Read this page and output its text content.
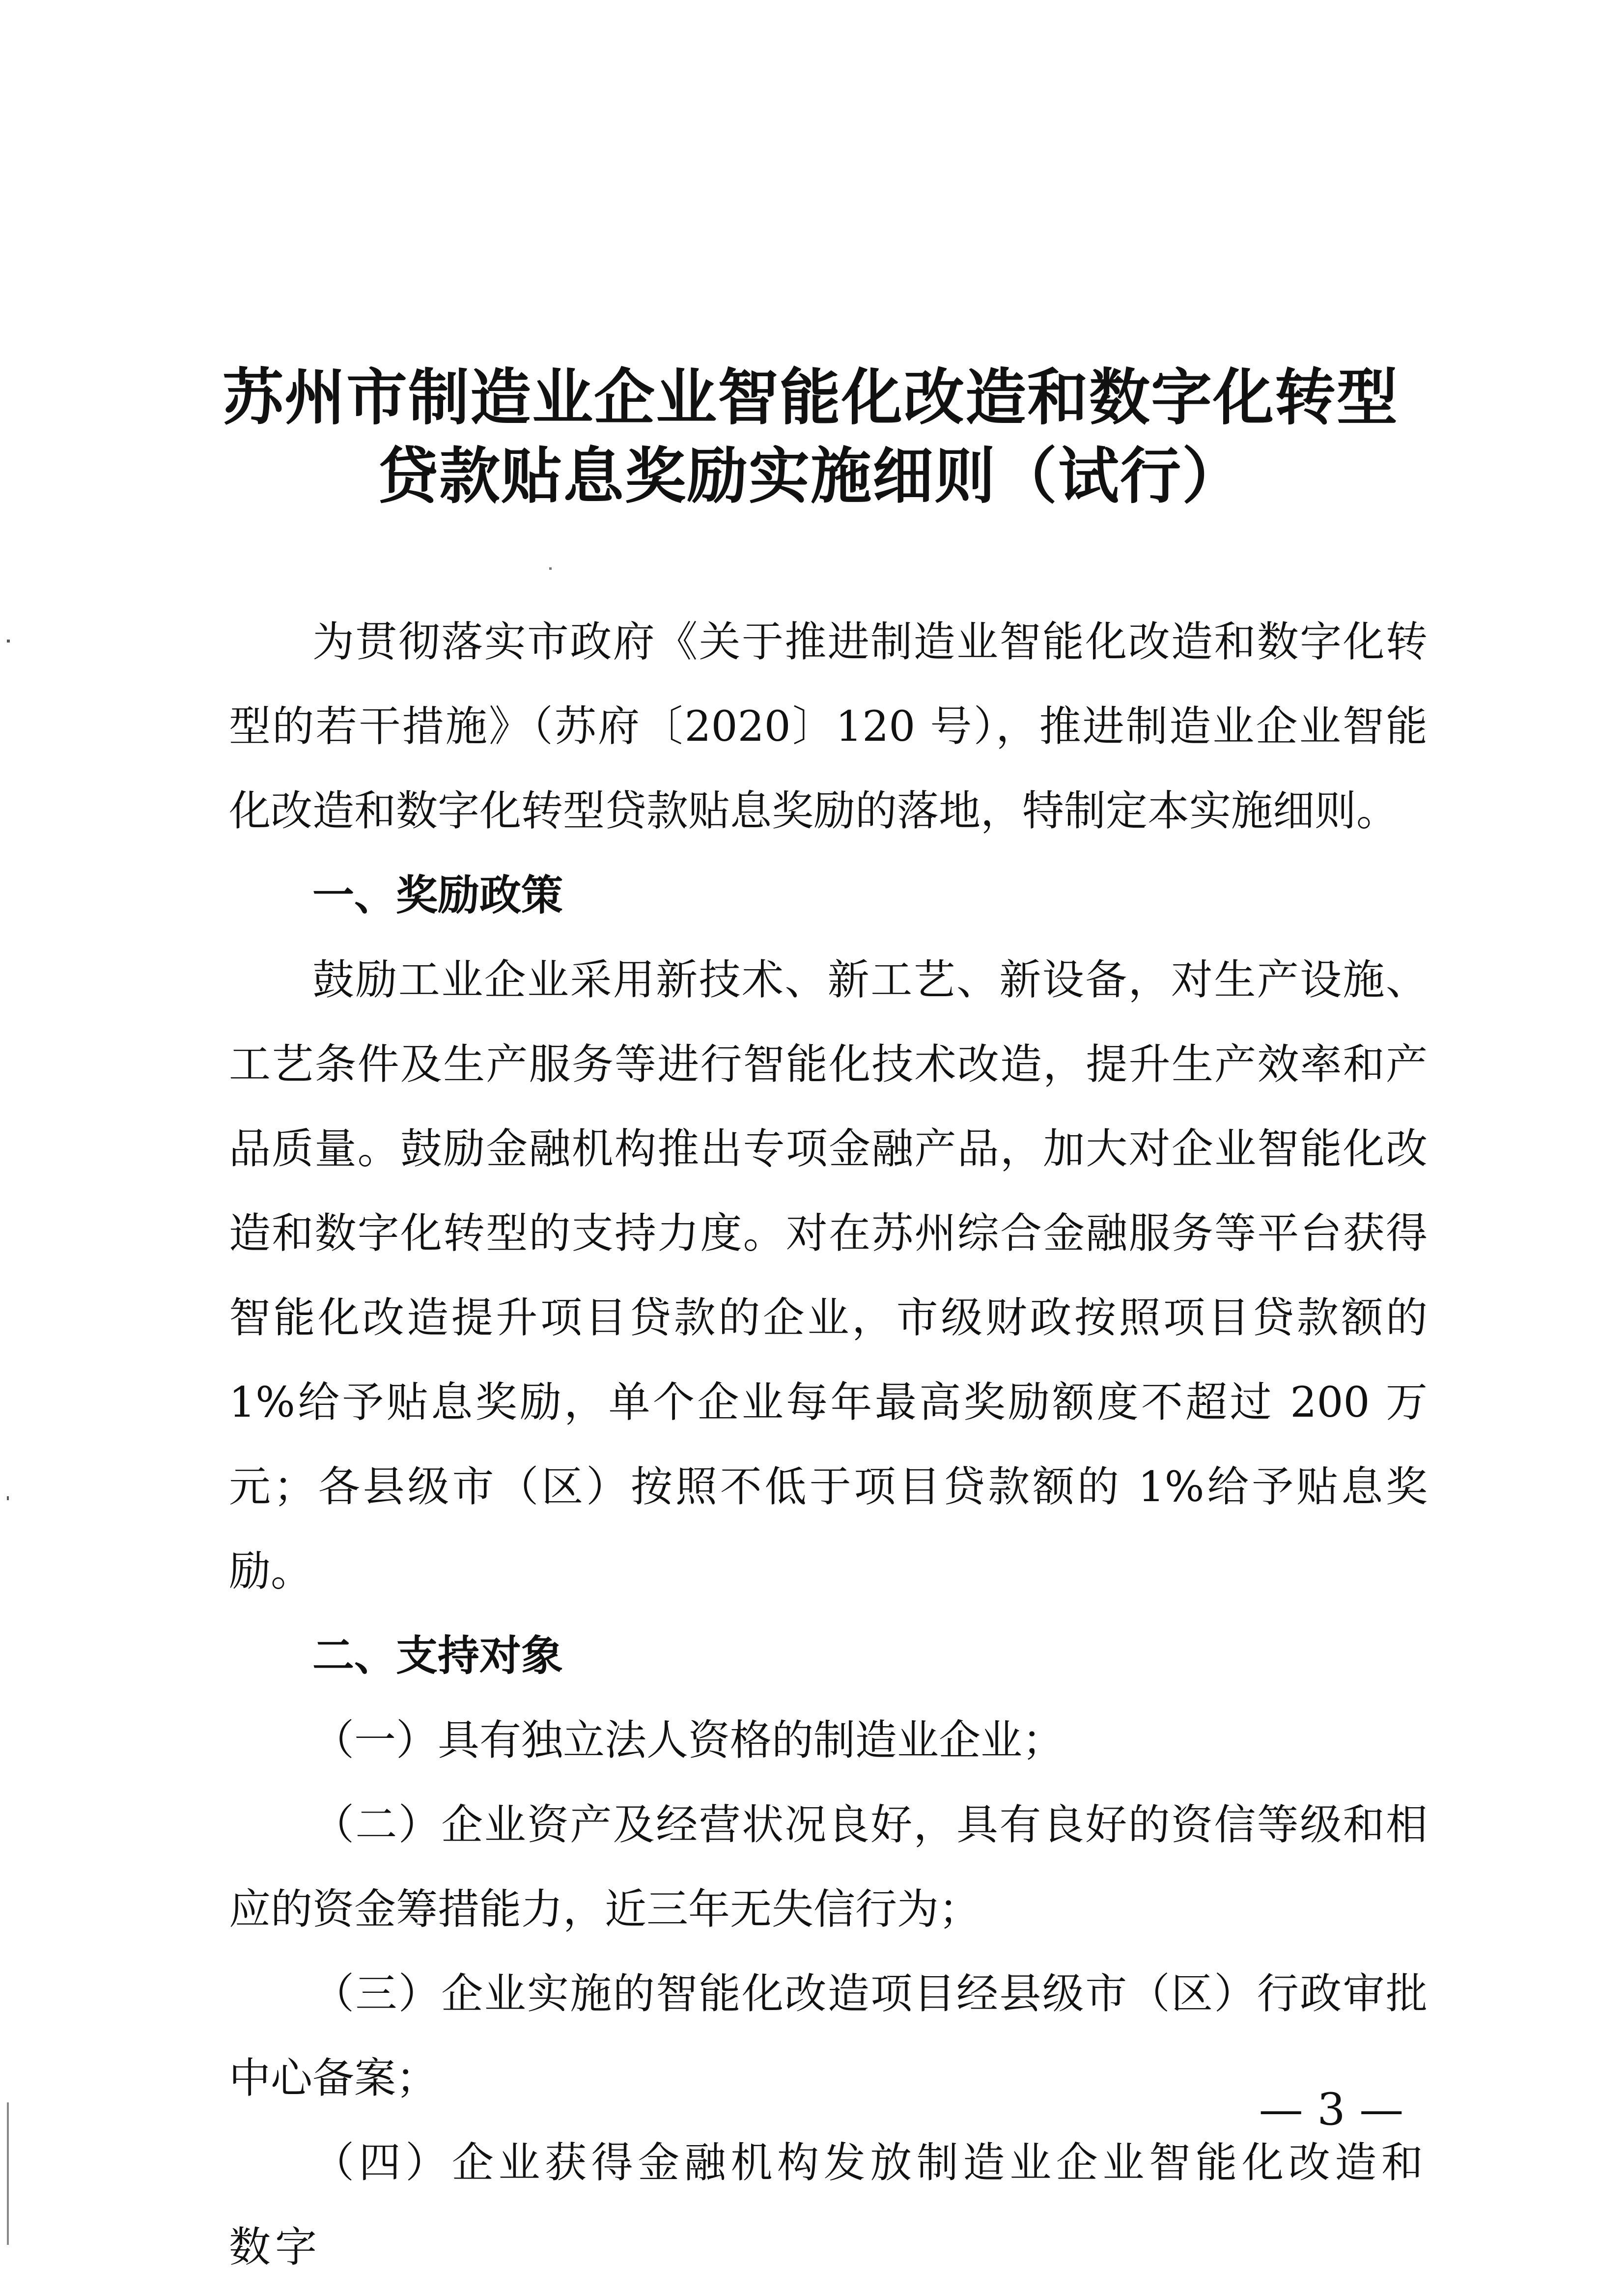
苏州市制造业企业智能化改造和数字化转型
贷款贴息奖励实施细则（试行）

为贯彻落实市政府《关于推进制造业智能化改造和数字化转型的若干措施》（苏府〔2020〕120 号），推进制造业企业智能化改造和数字化转型贷款贴息奖励的落地，特制定本实施细则。

一、奖励政策

鼓励工业企业采用新技术、新工艺、新设备，对生产设施、工艺条件及生产服务等进行智能化技术改造，提升生产效率和产品质量。鼓励金融机构推出专项金融产品，加大对企业智能化改造和数字化转型的支持力度。对在苏州综合金融服务等平台获得智能化改造提升项目贷款的企业，市级财政按照项目贷款额的 1%给予贴息奖励，单个企业每年最高奖励额度不超过 200 万元；各县级市（区）按照不低于项目贷款额的 1%给予贴息奖励。

二、支持对象

（一）具有独立法人资格的制造业企业；

（二）企业资产及经营状况良好，具有良好的资信等级和相应的资金筹措能力，近三年无失信行为；

（三）企业实施的智能化改造项目经县级市（区）行政审批中心备案；

（四）企业获得金融机构发放制造业企业智能化改造和数字

— 3 —
